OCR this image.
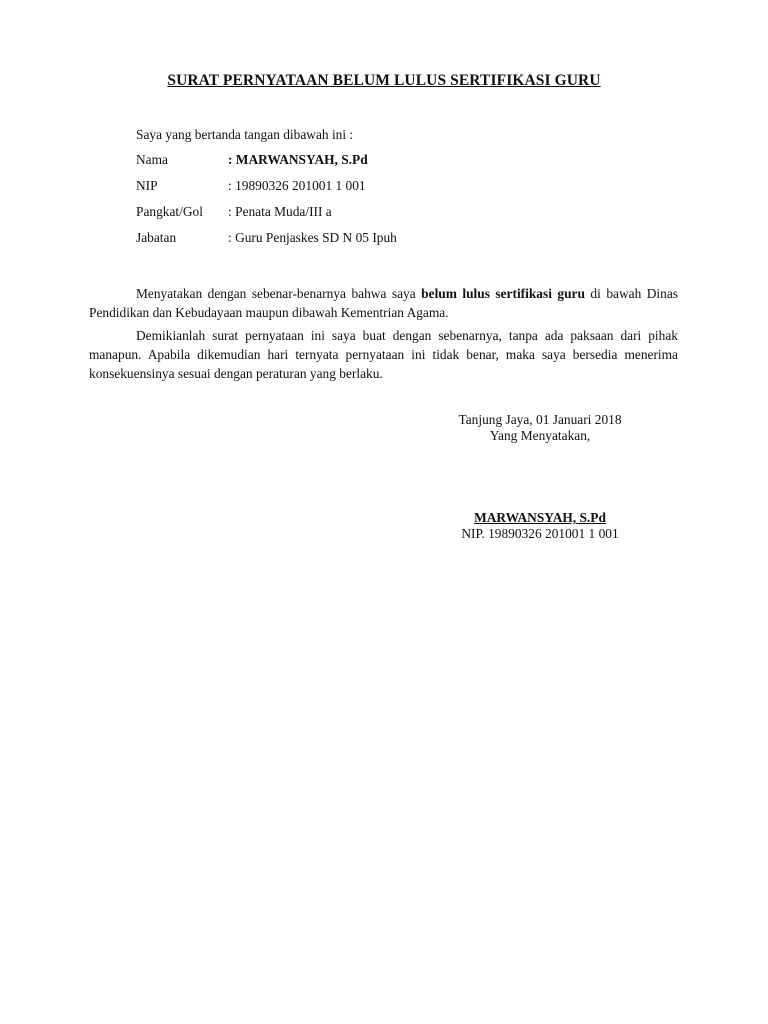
SURAT PERNYATAAN BELUM LULUS SERTIFIKASI GURU
Saya yang bertanda tangan dibawah ini :
Nama	: MARWANSYAH, S.Pd
NIP	: 19890326 201001 1 001
Pangkat/Gol : Penata Muda/III a
Jabatan	: Guru Penjaskes SD N 05 Ipuh
Menyatakan dengan sebenar-benarnya bahwa saya belum lulus sertifikasi guru di bawah Dinas Pendidikan dan Kebudayaan maupun dibawah Kementrian Agama.
Demikianlah surat pernyataan ini saya buat dengan sebenarnya, tanpa ada paksaan dari pihak manapun. Apabila dikemudian hari ternyata pernyataan ini tidak benar, maka saya bersedia menerima konsekuensinya sesuai dengan peraturan yang berlaku.
Tanjung Jaya, 01 Januari 2018
Yang Menyatakan,
MARWANSYAH, S.Pd
NIP. 19890326 201001 1 001
